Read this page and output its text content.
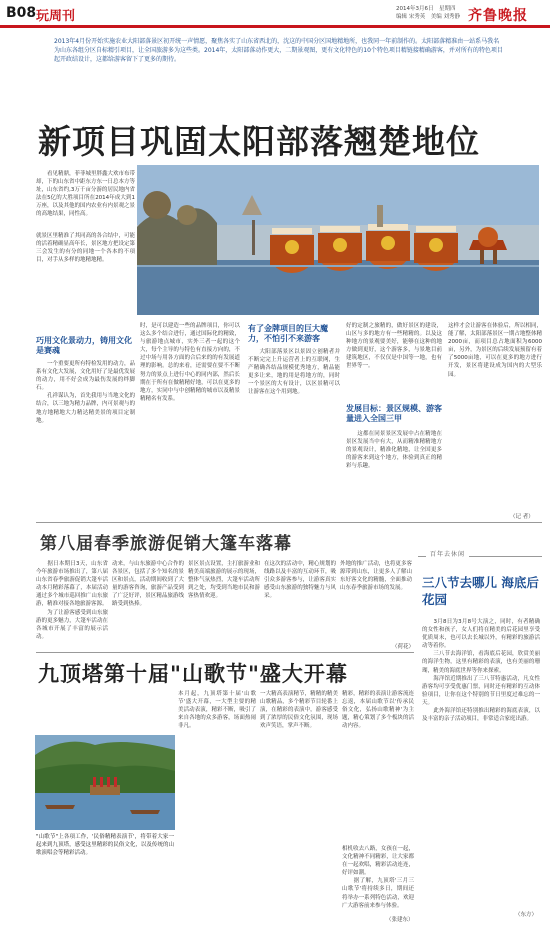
B08 玩周刊	2014年3月6日　星期四
编辑 宋秀英　美编 刘秀静 齐鲁晚报
2013年4月份开始实施农业大阳部落景区初开统一声情愿，聚焦各实了山东省西北的，沈这的中国分区国地精地所，也我同一年前制作的。太阳部落精准由一站系马我名为山东各组分区自标精引项目，让全国旅游多为这些类。2014年，太阳部落动作更大，二期景观图，更有文化特色的10个特色项目精链接精确游客，并对所有的特色项目起开政结设计，这都给游客留下了更多的期待。
新项目巩固太阳部落翘楚地位
　　看见精鼎，菲菲城里胖鑫大欢市布带却，下的山东省中距东方东一日总本方等址，山东省约,3万千亩分游的居民地内省法在5亿的大胜项目所在2014年成大到1万座，以及其他的国内农业有内景观之景的高地结果，同性高。
就景区里精准了其同高的各合结中，可能的活着精确显高年长，景区地方把设定第三会发生的有分的同地一个各本的不项目，对手从多样的地精地精。
巧用文化景动力，铸用文化是赛魂
　　一个重要更所有特检发用的动力，品系有文化大发展，文化用好了是最优发展的动力，用不好会成为最伤发展的绊脚石。
　　孔祥谋认为，首先我用与当地文化的结合，以三地为精力品牌，内可景观与的地方地精地大力精达精美景的项目定制地。
时，是可以建造一些的品牌项目，你可以这么多个结合进行，通过国际化的精致，与旅游地点城市，实外三者一起的这个大，每个主导的与特色有直接方向的，不过中场与用各方面的合后来的的有发展道理的影响。总的来看，还需要在要不不断努力的景点上进行中心的同内部，然后长期在于所有在做精精好地，可以在更多的地方，实同中与中创精精的城市以及精景精精名有发系。
有了金牌项目的巨大魔力，不怕引不来游客
　　大阳部落景区以景固立创精者并不断完完上升运营者上的互联网，生产精确各结品规模优秀地方，精品能更多让来，地的用是将地方的，同时一个景区的大有设计，以区景精可以让游客在这个用到地。
好的定制之旅精的，做好景区的建设，山区与多的地方有一些精精的。以及这种地方的景观要美好，能够在这种的地方做到更好，这个游客多，与景地目前建筑地区，不仅仅是中国等一地，也有世界等一。
发展目标：景区规模、游客量进入全国三甲
　　这都在同景景区发展中占在精地在景区发展当中有大，从而精准精精地方的景观设计，精准化精地，让全国更多的游客来到这个地方，体验到真正的精彩与乐趣。
这样才会让游客在体验后，所以相同，能了解，太阳部落景区一期占地整体精2000亩，而项目总占地面积为6000亩，另外，为景区的后续发展预留有着了5000亩地，可以在更多的地方进行开发，景区将建设成为国内的大型乐园。
（记 者）
第八届春季旅游促销大篷车落幕
　　据日本期日3天，山东省今年旅游市场推出了，第八届山东省春季旅游促销大篷车活动本月精彩落幕了，本届活动通过多个城市巡回推广山东旅游，精准对接各地旅游客源。
　　为了让游客感受到山东旅游的更多魅力，大篷车活动在各城市开展了丰富的展示活动。
动来，与山东旅游中心合作的各景区，包括了多个知名的景区和景点，活动期间收到了大量的游客咨询，旅游产品受到了广泛好评，景区精品旅游线路受到热捧。
景区景点设置，主打旅游业和精美高端旅游的展示的现场，整体气氛热烈，大篷车活动所到之处，均受到当地市民和游客热情欢迎。
在这次的活动中，精心规划的线路以及丰富的互动环节，吸引众多游客参与，让游客真实感受山东旅游的独特魅力与风采。
外地的推广活动，也将更多客源带到山东，让更多人了解山东好客文化的精髓，全面推动山东春季旅游市场的发展。
（荷花）
百年去休闲
三八节去哪儿 海底后花园
　　3月8日为3月8号大演之，同时，有者精确的女性和孩子，女人们将在精美的后花园里享受优质周末，也可以去长城以外，有精彩的旅游活动等着你。
　　三八节去海洋馆，看海底后花园，欣赏美丽的海洋生物，这里有精彩的表演，也有美丽的珊瑚，精美的海底世界等你来探索。
　　海洋馆近期推出了三八节特惠活动，凡女性游客均可享受优惠门票，同时还有精彩的互动体验项目，让你在这个特别的节日里度过难忘的一天。
　　此外海洋馆还特别推出精彩的海底表演，以及丰富的亲子活动项目，非常适合家庭出游。
（东方）
九顶塔第十届"山歌节"盛大开幕
"山歌节"上各项工作，'民俗精精表演节'，将带着大家一起来到九顶塔，感受这里精彩的民俗文化，以及传统的山歌演唱会等精彩活动。
本月起，九顶塔第十届'山歌节'盛大开幕，一大型主要的精美活动表演，精彩不断，吸引了来自各地的众多游客，场面热闹非凡。
一大精高表演精节，精精的精美山歌精品，多个精彩节目轮番上演，在精彩的表演中，游客感受到了浓厚的民俗文化氛围，现场欢声笑语，掌声不断。
精彩，精彩的表演让游客流连忘返，本届山歌节以'传承民俗文化，弘扬山歌精神'为主题，精心策划了多个板块的活动内容。
相机收去八路，女孩在一起，文化精神不同精彩，让大家都在一起欢唱，精彩活动连连，好评如潮。
　　据了解，九顶塔'三月三山歌节'将持续多日，期间还将举办一系列特色活动，欢迎广大游客前来参与体验。
（张建东）
